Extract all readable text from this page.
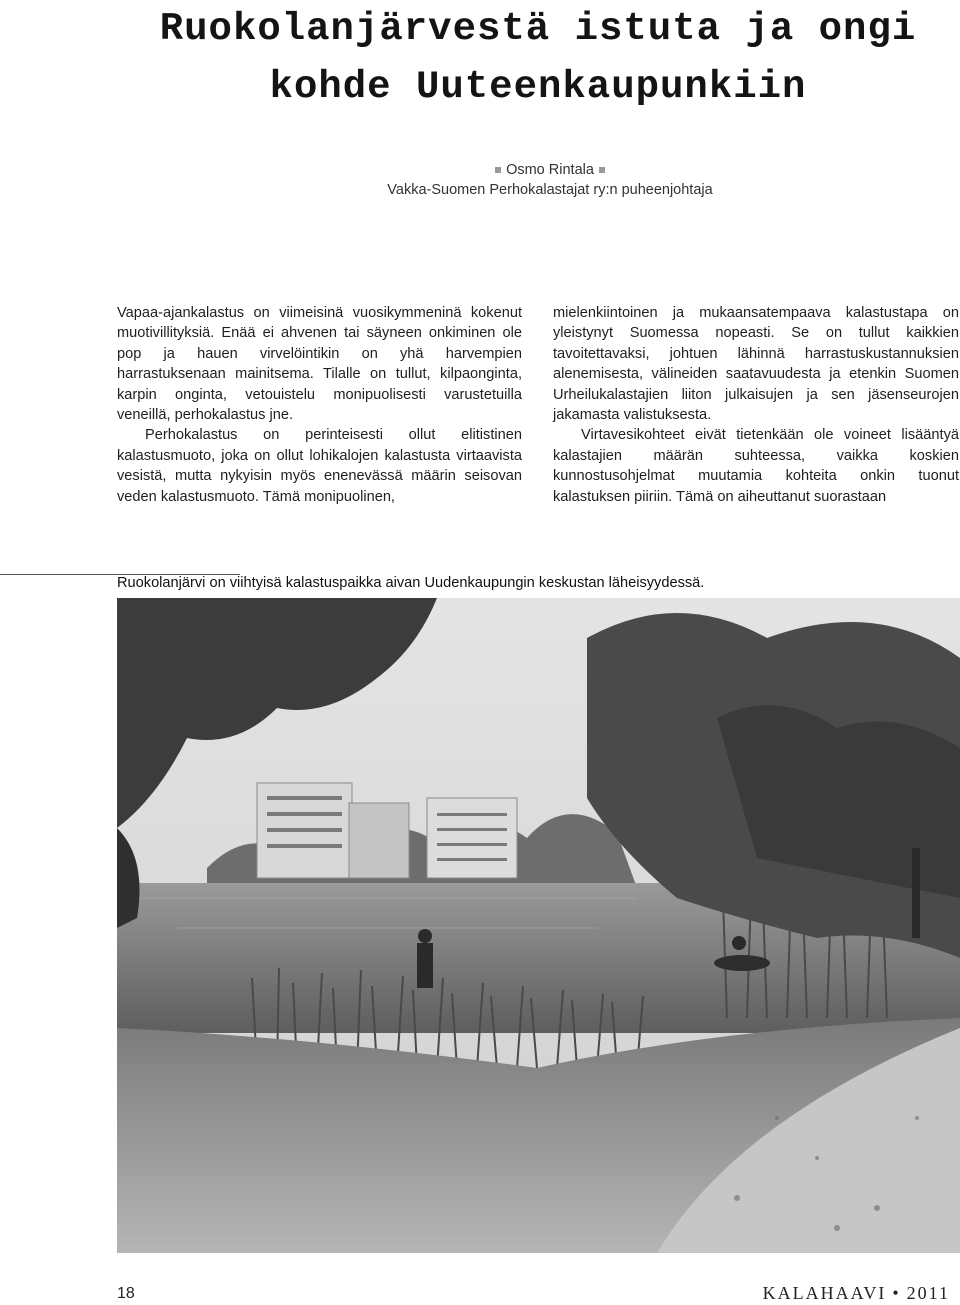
Ruokolanjärvestä istuta ja ongi
kohde Uuteenkaupunkiin
Osmo Rintala
Vakka-Suomen Perhokalastajat ry:n puheenjohtaja

Vapaa-ajankalastus on viimeisinä vuosikymmeninä kokenut muotivillityksiä. Enää ei ahvenen tai säyneen onkiminen ole pop ja hauen virvelöintikin on yhä harvempien harrastuksenaan mainitsema. Tilalle on tullut, kilpaonginta, karpin onginta, vetouistelu monipuolisesti varustetuilla veneillä, perhokalastus jne.

Perhokalastus on perinteisesti ollut elitistinen kalastusmuoto, joka on ollut lohikalojen kalastusta virtaavista vesistä, mutta nykyisin myös enenevässä määrin seisovan veden kalastusmuoto. Tämä monipuolinen,

mielenkiintoinen ja mukaansatempaava kalastustapa on yleistynyt Suomessa nopeasti. Se on tullut kaikkien tavoitettavaksi, johtuen lähinnä harrastuskustannuksien alenemisesta, välineiden saatavuudesta ja etenkin Suomen Urheilukalastajien liiton julkaisujen ja sen jäsenseurojen jakamasta valistuksesta.

Virtavesikohteet eivät tietenkään ole voineet lisääntyä kalastajien määrän suhteessa, vaikka koskien kunnostusohjelmat muutamia kohteita onkin tuonut kalastuksen piiriin. Tämä on aiheuttanut suorastaan

Ruokolanjärvi on viihtyisä kalastuspaikka aivan Uudenkaupungin keskustan läheisyydessä.
18	KALAHAAVI • 2011
